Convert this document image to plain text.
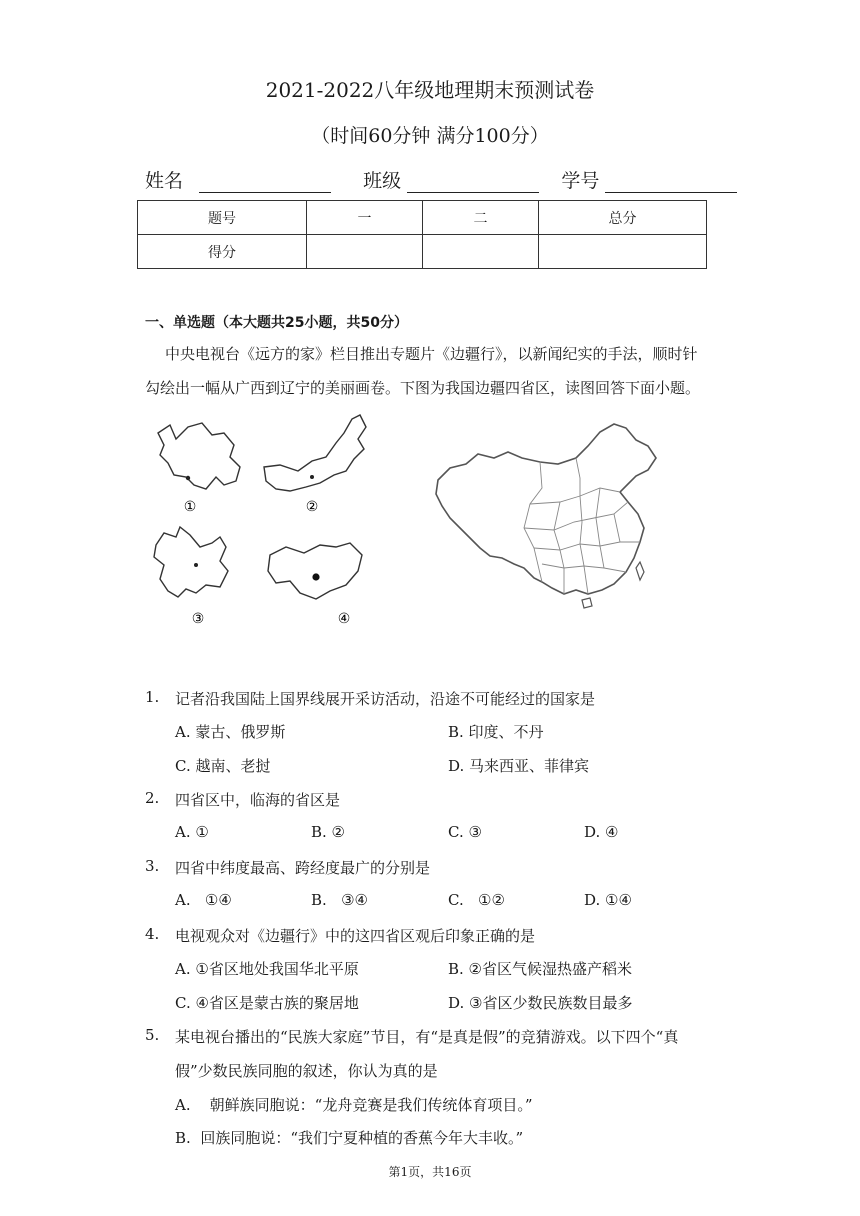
2021-2022八年级地理期末预测试卷
（时间60分钟 满分100分）
姓名	班级	学号
题号	一	二	总分
得分			
一、单选题（本大题共25小题，共50分）
中央电视台《远方的家》栏目推出专题片《边疆行》，以新闻纪实的手法，顺时针
勾绘出一幅从广西到辽宁的美丽画卷。下图为我国边疆四省区，读图回答下面小题。
①	②
③	④
1. 记者沿我国陆上国界线展开采访活动，沿途不可能经过的国家是
A. 蒙古、俄罗斯	B. 印度、不丹
C. 越南、老挝	D. 马来西亚、菲律宾
2. 四省区中，临海的省区是
A. ①	B. ②	C. ③	D. ④
3. 四省中纬度最高、跨经度最广的分别是
A.   ①④	B.   ③④	C.   ①②	D. ①④
4. 电视观众对《边疆行》中的这四省区观后印象正确的是
A. ①省区地处我国华北平原	B. ②省区气候湿热盛产稻米
C. ④省区是蒙古族的聚居地	D. ③省区少数民族数目最多
5. 某电视台播出的“民族大家庭”节目，有“是真是假”的竞猜游戏。以下四个“真
假”少数民族同胞的叙述，你认为真的是
A.    朝鲜族同胞说：“龙舟竞赛是我们传统体育项目。”
B.  回族同胞说：“我们宁夏种植的香蕉今年大丰收。”
第1页，共16页
